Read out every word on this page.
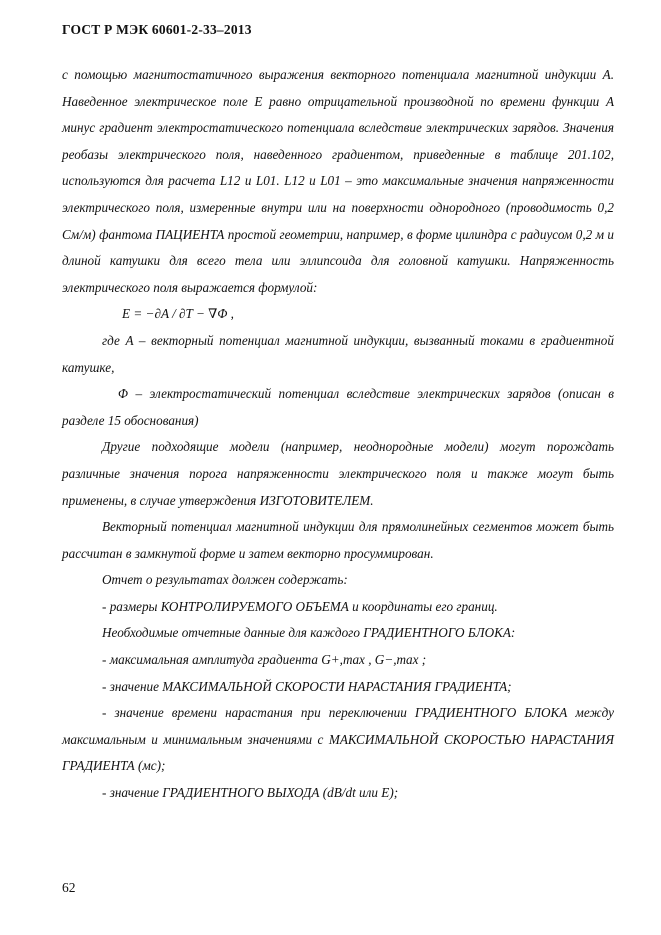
ГОСТ Р МЭК 60601-2-33–2013

с помощью магнитостатичного выражения векторного потенциала магнитной индукции A. Наведенное электрическое поле E равно отрицательной производной по времени функции A минус градиент электростатического потенциала вследствие электрических зарядов. Значения реобазы электрического поля, наведенного градиентом, приведенные в таблице 201.102, используются для расчета L12 и L01. L12 и L01 – это максимальные значения напряженности электрического поля, измеренные внутри или на поверхности однородного (проводимость 0,2 См/м) фантома ПАЦИЕНТА простой геометрии, например, в форме цилиндра с радиусом 0,2 м и длиной катушки для всего тела или эллипсоида для головной катушки. Напряженность электрического поля выражается формулой:

E = −∂A / ∂T − ∇Φ ,

где A – векторный потенциал магнитной индукции, вызванный токами в градиентной катушке,

Φ – электростатический потенциал вследствие электрических зарядов (описан в разделе 15 обоснования)

Другие подходящие модели (например, неоднородные модели) могут порождать различные значения порога напряженности электрического поля и также могут быть применены, в случае утверждения ИЗГОТОВИТЕЛЕМ.

Векторный потенциал магнитной индукции для прямолинейных сегментов может быть рассчитан в замкнутой форме и затем векторно просуммирован.

Отчет о результатах должен содержать:

- размеры КОНТРОЛИРУЕМОГО ОБЪЕМА и координаты его границ.

Необходимые отчетные данные для каждого ГРАДИЕНТНОГО БЛОКА:

- максимальная амплитуда градиента G+,max , G−,max ;

- значение МАКСИМАЛЬНОЙ СКОРОСТИ НАРАСТАНИЯ ГРАДИЕНТА;

- значение времени нарастания при переключении ГРАДИЕНТНОГО БЛОКА между максимальным и минимальным значениями с МАКСИМАЛЬНОЙ СКОРОСТЬЮ НАРАСТАНИЯ ГРАДИЕНТА (мс);

- значение ГРАДИЕНТНОГО ВЫХОДА (dB/dt или E);

62
